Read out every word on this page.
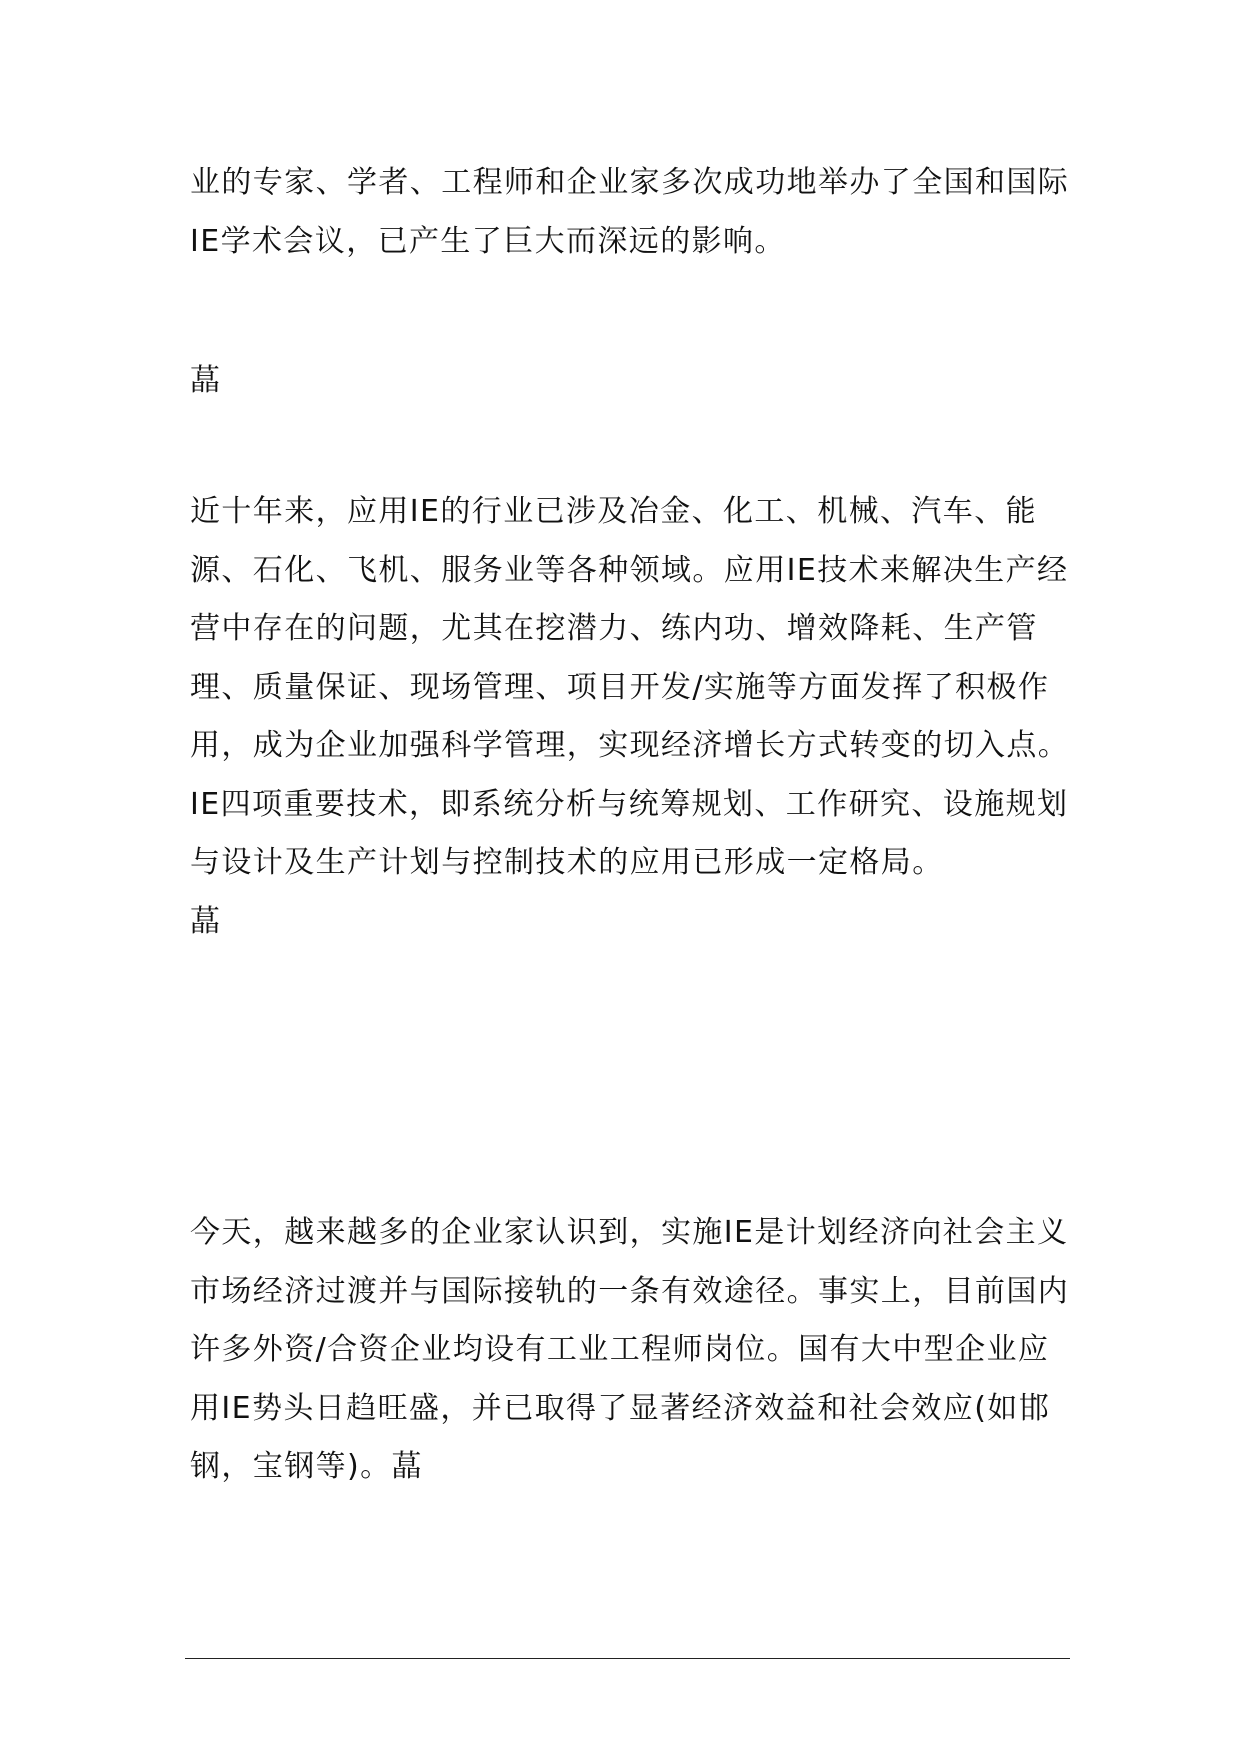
业的专家、学者、工程师和企业家多次成功地举办了全国和国际IE学术会议，已产生了巨大而深远的影响。

蕌

近十年来，应用IE的行业已涉及冶金、化工、机械、汽车、能源、石化、飞机、服务业等各种领域。应用IE技术来解决生产经营中存在的问题，尤其在挖潜力、练内功、增效降耗、生产管理、质量保证、现场管理、项目开发/实施等方面发挥了积极作用，成为企业加强科学管理，实现经济增长方式转变的切入点。IE四项重要技术，即系统分析与统筹规划、工作研究、设施规划与设计及生产计划与控制技术的应用已形成一定格局。
蕌

今天，越来越多的企业家认识到，实施IE是计划经济向社会主义市场经济过渡并与国际接轨的一条有效途径。事实上，目前国内许多外资/合资企业均设有工业工程师岗位。国有大中型企业应用IE势头日趋旺盛，并已取得了显著经济效益和社会效应(如邯钢，宝钢等)。蕌
